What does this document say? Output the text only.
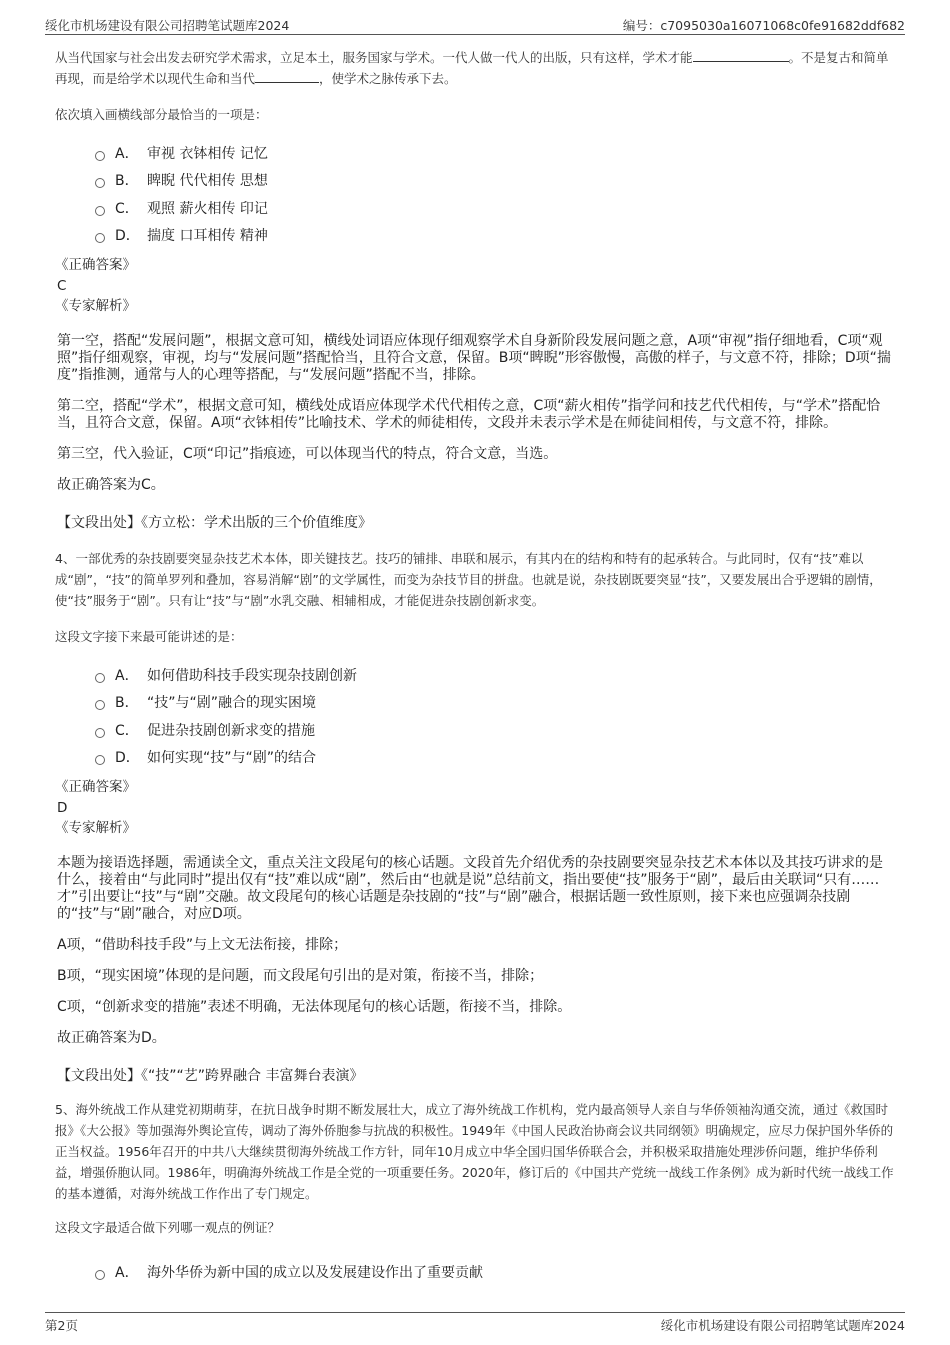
绥化市机场建设有限公司招聘笔试题库2024	编号：c7095030a16071068c0fe91682ddf682

从当代国家与社会出发去研究学术需求，立足本土，服务国家与学术。一代人做一代人的出版，只有这样，学术才能	。不是复古和简单再现，而是给学术以现代生命和当代	，使学术之脉传承下去。

依次填入画横线部分最恰当的一项是：

A． 审视 衣钵相传 记忆
B． 睥睨 代代相传 思想
C． 观照 薪火相传 印记
D． 揣度 口耳相传 精神

《正确答案》

C

《专家解析》

第一空，搭配“发展问题”，根据文意可知，横线处词语应体现仔细观察学术自身新阶段发展问题之意，A项“审视”指仔细地看，C项“观照”指仔细观察，审视，均与“发展问题”搭配恰当，且符合文意，保留。B项“睥睨”形容傲慢，高傲的样子，与文意不符，排除；D项“揣度”指推测，通常与人的心理等搭配，与“发展问题”搭配不当，排除。

第二空，搭配“学术”，根据文意可知，横线处成语应体现学术代代相传之意，C项“薪火相传”指学问和技艺代代相传，与“学术”搭配恰当，且符合文意，保留。A项“衣钵相传”比喻技术、学术的师徒相传，文段并未表示学术是在师徒间相传，与文意不符，排除。

第三空，代入验证，C项“印记”指痕迹，可以体现当代的特点，符合文意，当选。

故正确答案为C。

【文段出处】《方立松：学术出版的三个价值维度》

4、一部优秀的杂技剧要突显杂技艺术本体，即关键技艺。技巧的铺排、串联和展示，有其内在的结构和特有的起承转合。与此同时，仅有“技”难以成“剧”，“技”的简单罗列和叠加，容易消解“剧”的文学属性，而变为杂技节目的拼盘。也就是说，杂技剧既要突显“技”，又要发展出合乎逻辑的剧情，使“技”服务于“剧”。只有让“技”与“剧”水乳交融、相辅相成，才能促进杂技剧创新求变。

这段文字接下来最可能讲述的是：

A． 如何借助科技手段实现杂技剧创新
B． “技”与“剧”融合的现实困境
C． 促进杂技剧创新求变的措施
D． 如何实现“技”与“剧”的结合

《正确答案》

D

《专家解析》

本题为接语选择题，需通读全文，重点关注文段尾句的核心话题。文段首先介绍优秀的杂技剧要突显杂技艺术本体以及其技巧讲求的是什么，接着由“与此同时”提出仅有“技”难以成“剧”，然后由“也就是说”总结前文，指出要使“技”服务于“剧”，最后由关联词“只有……才”引出要让“技”与“剧”交融。故文段尾句的核心话题是杂技剧的“技”与“剧”融合，根据话题一致性原则，接下来也应强调杂技剧的“技”与“剧”融合，对应D项。

A项，“借助科技手段”与上文无法衔接，排除；

B项，“现实困境”体现的是问题，而文段尾句引出的是对策，衔接不当，排除；

C项，“创新求变的措施”表述不明确，无法体现尾句的核心话题，衔接不当，排除。

故正确答案为D。

【文段出处】《“技”“艺”跨界融合 丰富舞台表演》

5、海外统战工作从建党初期萌芽，在抗日战争时期不断发展壮大，成立了海外统战工作机构，党内最高领导人亲自与华侨领袖沟通交流，通过《救国时报》《大公报》等加强海外舆论宣传，调动了海外侨胞参与抗战的积极性。1949年《中国人民政治协商会议共同纲领》明确规定，应尽力保护国外华侨的正当权益。1956年召开的中共八大继续贯彻海外统战工作方针，同年10月成立中华全国归国华侨联合会，并积极采取措施处理涉侨问题，维护华侨利益，增强侨胞认同。1986年，明确海外统战工作是全党的一项重要任务。2020年，修订后的《中国共产党统一战线工作条例》成为新时代统一战线工作的基本遵循，对海外统战工作作出了专门规定。

这段文字最适合做下列哪一观点的例证？

A． 海外华侨为新中国的成立以及发展建设作出了重要贡献
第2页	绥化市机场建设有限公司招聘笔试题库2024
